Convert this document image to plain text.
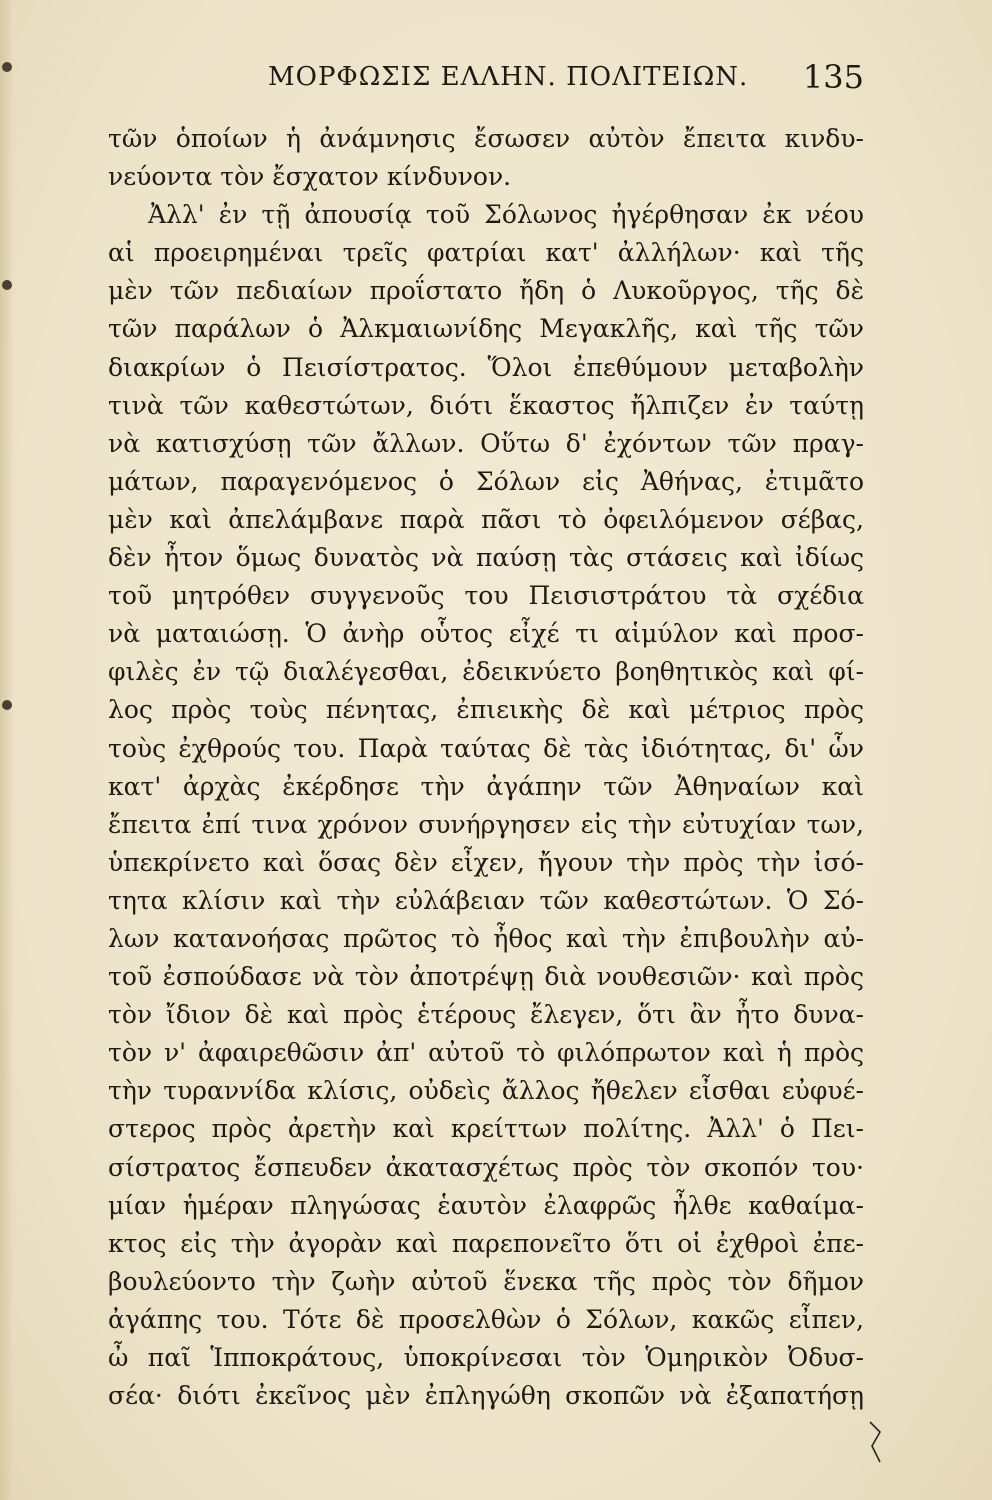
ΜΟΡΦΩΣΙΣ ΕΛΛΗΝ. ΠΟΛΙΤΕΙΩΝ. 135
τῶν ὁποίων ἡ ἀνάμνησις ἔσωσεν αὐτὸν ἔπειτα κινδυ-
νεύοντα τὸν ἔσχατον κίνδυνον.
Ἀλλ' ἐν τῇ ἀπουσίᾳ τοῦ Σόλωνος ἠγέρθησαν ἐκ νέου
αἱ προειρημέναι τρεῖς φατρίαι κατ' ἀλλήλων· καὶ τῆς
μὲν τῶν πεδιαίων προΐστατο ἤδη ὁ Λυκοῦργος, τῆς δὲ
τῶν παράλων ὁ Ἀλκμαιωνίδης Μεγακλῆς, καὶ τῆς τῶν
διακρίων ὁ Πεισίστρατος. Ὅλοι ἐπεθύμουν μεταβολὴν
τινὰ τῶν καθεστώτων, διότι ἕκαστος ἤλπιζεν ἐν ταύτῃ
νὰ κατισχύσῃ τῶν ἄλλων. Οὕτω δ' ἐχόντων τῶν πραγ-
μάτων, παραγενόμενος ὁ Σόλων εἰς Ἀθήνας, ἐτιμᾶτο
μὲν καὶ ἀπελάμβανε παρὰ πᾶσι τὸ ὀφειλόμενον σέβας,
δὲν ἦτον ὅμως δυνατὸς νὰ παύσῃ τὰς στάσεις καὶ ἰδίως
τοῦ μητρόθεν συγγενοῦς του Πεισιστράτου τὰ σχέδια
νὰ ματαιώσῃ. Ὁ ἀνὴρ οὗτος εἶχέ τι αἱμύλον καὶ προσ-
φιλὲς ἐν τῷ διαλέγεσθαι, ἐδεικνύετο βοηθητικὸς καὶ φί-
λος πρὸς τοὺς πένητας, ἐπιεικὴς δὲ καὶ μέτριος πρὸς
τοὺς ἐχθρούς του. Παρὰ ταύτας δὲ τὰς ἰδιότητας, δι' ὧν
κατ' ἀρχὰς ἐκέρδησε τὴν ἀγάπην τῶν Ἀθηναίων καὶ
ἔπειτα ἐπί τινα χρόνον συνήργησεν εἰς τὴν εὐτυχίαν των,
ὑπεκρίνετο καὶ ὅσας δὲν εἶχεν, ἤγουν τὴν πρὸς τὴν ἰσό-
τητα κλίσιν καὶ τὴν εὐλάβειαν τῶν καθεστώτων. Ὁ Σό-
λων κατανοήσας πρῶτος τὸ ἦθος καὶ τὴν ἐπιβουλὴν αὐ-
τοῦ ἐσπούδασε νὰ τὸν ἀποτρέψῃ διὰ νουθεσιῶν· καὶ πρὸς
τὸν ἴδιον δὲ καὶ πρὸς ἑτέρους ἔλεγεν, ὅτι ἂν ἦτο δυνα-
τὸν ν' ἀφαιρεθῶσιν ἀπ' αὐτοῦ τὸ φιλόπρωτον καὶ ἡ πρὸς
τὴν τυραννίδα κλίσις, οὐδεὶς ἄλλος ἤθελεν εἶσθαι εὐφυέ-
στερος πρὸς ἀρετὴν καὶ κρείττων πολίτης. Ἀλλ' ὁ Πει-
σίστρατος ἔσπευδεν ἀκατασχέτως πρὸς τὸν σκοπόν του·
μίαν ἡμέραν πληγώσας ἑαυτὸν ἐλαφρῶς ἦλθε καθαίμα-
κτος εἰς τὴν ἀγορὰν καὶ παρεπονεῖτο ὅτι οἱ ἐχθροὶ ἐπε-
βουλεύοντο τὴν ζωὴν αὐτοῦ ἕνεκα τῆς πρὸς τὸν δῆμον
ἀγάπης του. Τότε δὲ προσελθὼν ὁ Σόλων, κακῶς εἶπεν,
ὦ παῖ Ἱπποκράτους, ὑποκρίνεσαι τὸν Ὁμηρικὸν Ὀδυσ-
σέα· διότι ἐκεῖνος μὲν ἐπληγώθη σκοπῶν νὰ ἐξαπατήσῃ
